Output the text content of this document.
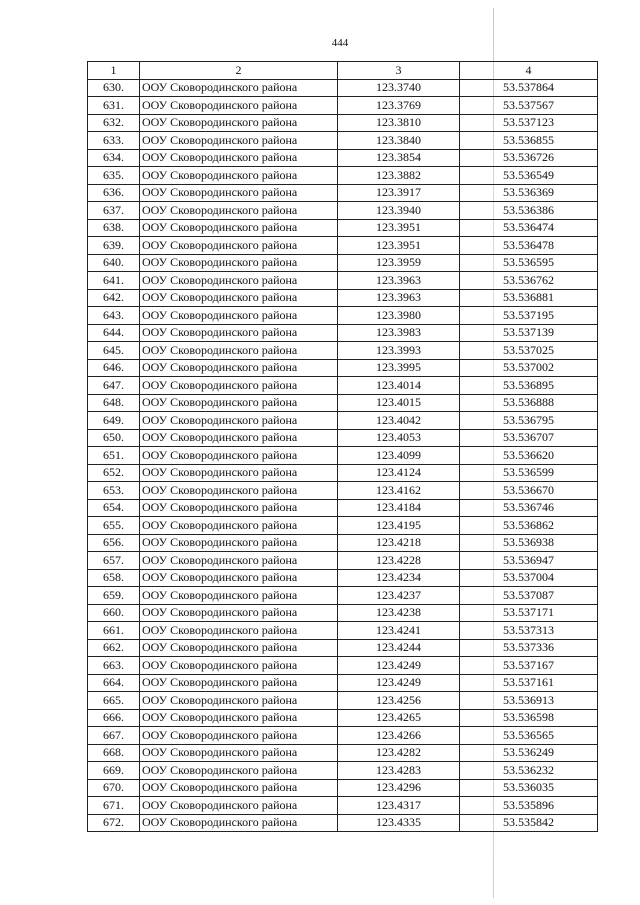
444
1	2	3	4
630.	ООУ Сковородинского района	123.3740	53.537864
631.	ООУ Сковородинского района	123.3769	53.537567
632.	ООУ Сковородинского района	123.3810	53.537123
633.	ООУ Сковородинского района	123.3840	53.536855
634.	ООУ Сковородинского района	123.3854	53.536726
635.	ООУ Сковородинского района	123.3882	53.536549
636.	ООУ Сковородинского района	123.3917	53.536369
637.	ООУ Сковородинского района	123.3940	53.536386
638.	ООУ Сковородинского района	123.3951	53.536474
639.	ООУ Сковородинского района	123.3951	53.536478
640.	ООУ Сковородинского района	123.3959	53.536595
641.	ООУ Сковородинского района	123.3963	53.536762
642.	ООУ Сковородинского района	123.3963	53.536881
643.	ООУ Сковородинского района	123.3980	53.537195
644.	ООУ Сковородинского района	123.3983	53.537139
645.	ООУ Сковородинского района	123.3993	53.537025
646.	ООУ Сковородинского района	123.3995	53.537002
647.	ООУ Сковородинского района	123.4014	53.536895
648.	ООУ Сковородинского района	123.4015	53.536888
649.	ООУ Сковородинского района	123.4042	53.536795
650.	ООУ Сковородинского района	123.4053	53.536707
651.	ООУ Сковородинского района	123.4099	53.536620
652.	ООУ Сковородинского района	123.4124	53.536599
653.	ООУ Сковородинского района	123.4162	53.536670
654.	ООУ Сковородинского района	123.4184	53.536746
655.	ООУ Сковородинского района	123.4195	53.536862
656.	ООУ Сковородинского района	123.4218	53.536938
657.	ООУ Сковородинского района	123.4228	53.536947
658.	ООУ Сковородинского района	123.4234	53.537004
659.	ООУ Сковородинского района	123.4237	53.537087
660.	ООУ Сковородинского района	123.4238	53.537171
661.	ООУ Сковородинского района	123.4241	53.537313
662.	ООУ Сковородинского района	123.4244	53.537336
663.	ООУ Сковородинского района	123.4249	53.537167
664.	ООУ Сковородинского района	123.4249	53.537161
665.	ООУ Сковородинского района	123.4256	53.536913
666.	ООУ Сковородинского района	123.4265	53.536598
667.	ООУ Сковородинского района	123.4266	53.536565
668.	ООУ Сковородинского района	123.4282	53.536249
669.	ООУ Сковородинского района	123.4283	53.536232
670.	ООУ Сковородинского района	123.4296	53.536035
671.	ООУ Сковородинского района	123.4317	53.535896
672.	ООУ Сковородинского района	123.4335	53.535842
